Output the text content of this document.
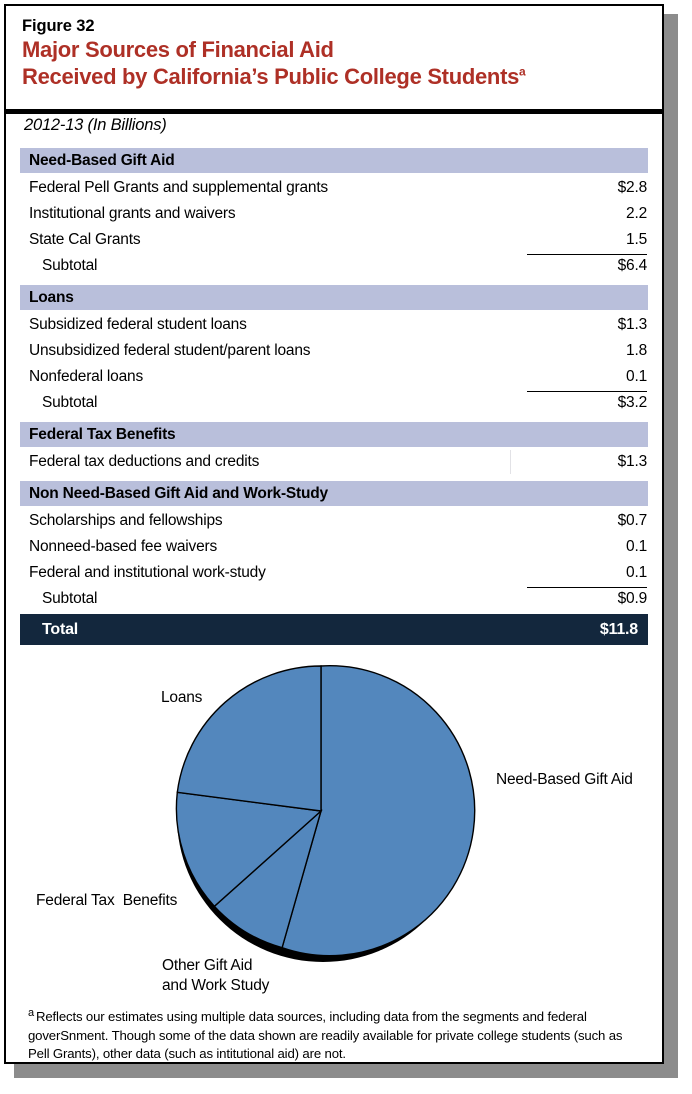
Figure 32
Major Sources of Financial Aid
Received by California’s Public College Students$^a$
2012-13 (In Billions)
Need-Based Gift Aid
Federal Pell Grants and supplemental grants	$2.8
Institutional grants and waivers	2.2
State Cal Grants	1.5
Subtotal	$6.4
Loans
Subsidized federal student loans	$1.3
Unsubsidized federal student/parent loans	1.8
Nonfederal loans	0.1
Subtotal	$3.2
Federal Tax Benefits
Federal tax deductions and credits	$1.3
Non Need-Based Gift Aid and Work-Study
Scholarships and fellowships	$0.7
Nonneed-based fee waivers	0.1
Federal and institutional work-study	0.1
Subtotal	$0.9
Total	$11.8
Loans
Need-Based Gift Aid
Federal Tax  Benefits
Other Gift Aid
and Work Study
$^a$ Reflects our estimates using multiple data sources, including data from the segments and federal goverSnment. Though some of the data shown are readily available for private college students (such as Pell Grants), other data (such as intitutional aid) are not.
